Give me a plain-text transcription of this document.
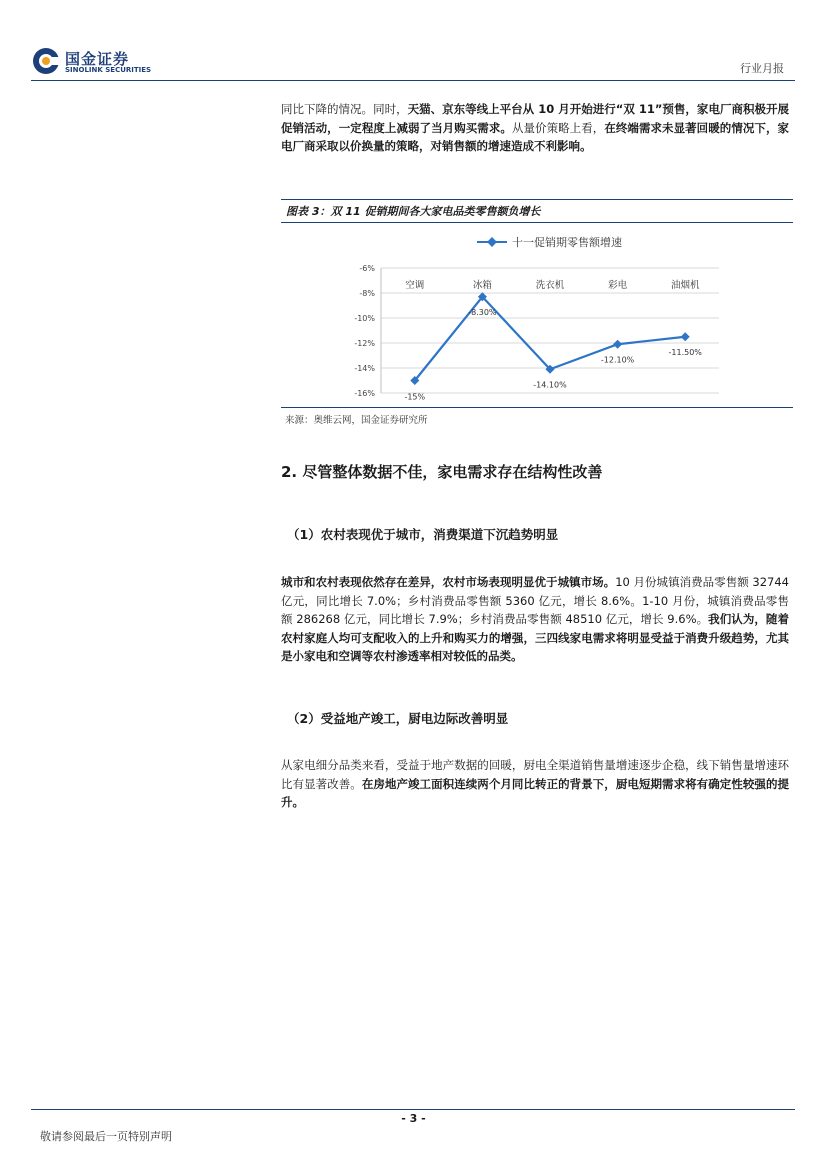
国金证券
SINOLINK SECURITIES	行业月报
同比下降的情况。同时，天猫、京东等线上平台从 10 月开始进行“双 11”预售，家电厂商积极开展促销活动，一定程度上减弱了当月购买需求。从量价策略上看，在终端需求未显著回暖的情况下，家电厂商采取以价换量的策略，对销售额的增速造成不利影响。
图表 3：双 11 促销期间各大家电品类零售额负增长
-6%
-8%
-10%
-12%
-14%
-16%
空调	冰箱	洗衣机	彩电	油烟机
-15%
-8.30%
-14.10%
-12.10%
-11.50%
十一促销期零售额增速
来源：奥维云网，国金证券研究所
2. 尽管整体数据不佳，家电需求存在结构性改善
（1）农村表现优于城市，消费渠道下沉趋势明显
城市和农村表现依然存在差异，农村市场表现明显优于城镇市场。10 月份城镇消费品零售额 32744 亿元，同比增长 7.0%；乡村消费品零售额 5360 亿元，增长 8.6%。1-10 月份，城镇消费品零售额 286268 亿元，同比增长 7.9%；乡村消费品零售额 48510 亿元，增长 9.6%。我们认为，随着农村家庭人均可支配收入的上升和购买力的增强，三四线家电需求将明显受益于消费升级趋势，尤其是小家电和空调等农村渗透率相对较低的品类。
（2）受益地产竣工，厨电边际改善明显
从家电细分品类来看，受益于地产数据的回暖，厨电全渠道销售量增速逐步企稳，线下销售量增速环比有显著改善。在房地产竣工面积连续两个月同比转正的背景下，厨电短期需求将有确定性较强的提升。
- 3 -
敬请参阅最后一页特别声明
